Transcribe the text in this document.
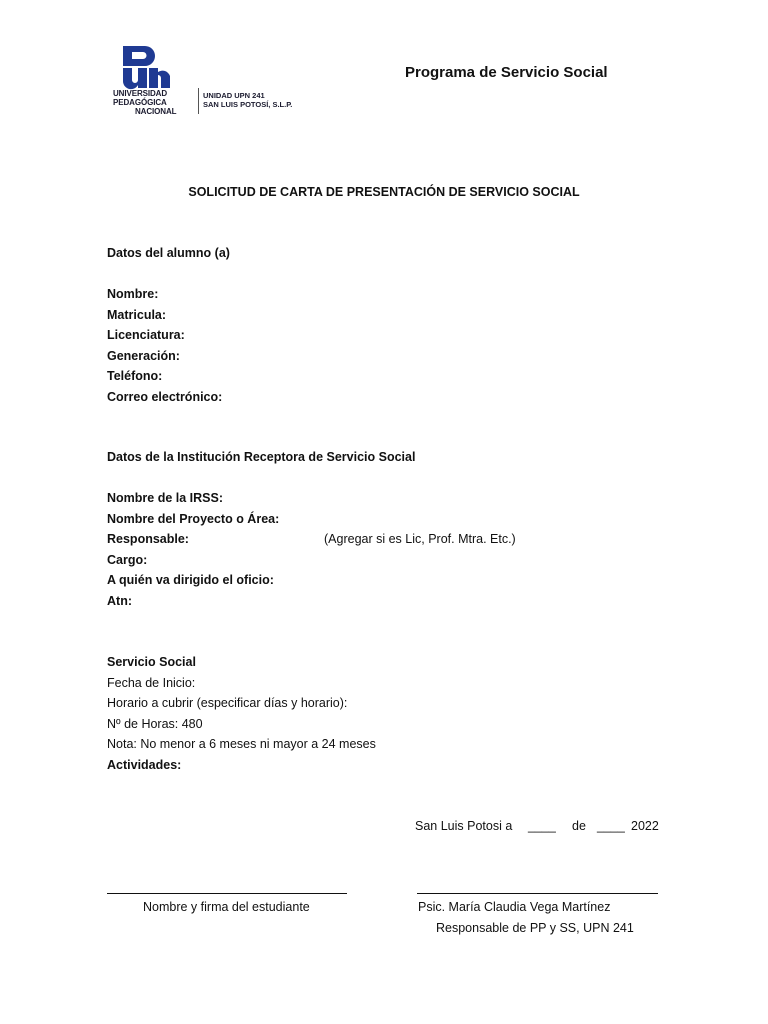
UNIVERSIDAD
PEDAGÓGICA
NACIONAL
UNIDAD UPN 241
SAN LUIS POTOSÍ, S.L.P.
Programa de Servicio Social
SOLICITUD DE CARTA DE PRESENTACIÓN DE SERVICIO SOCIAL
Datos del alumno (a)
Nombre:
Matricula:
Licenciatura:
Generación:
Teléfono:
Correo electrónico:
Datos de la Institución Receptora de Servicio Social
Nombre de la IRSS:
Nombre del Proyecto o Área:
Responsable:	(Agregar si es Lic, Prof. Mtra. Etc.)
Cargo:
A quién va dirigido el oficio:
Atn:
Servicio Social
Fecha de Inicio:
Horario a cubrir (especificar días y horario):
Nº de Horas: 480
Nota: No menor a 6 meses ni mayor a 24 meses
Actividades:
San Luis Potosi a ____ de ____ 2022
Nombre y firma del estudiante	Psic. María Claudia Vega Martínez
Responsable de PP y SS, UPN 241
